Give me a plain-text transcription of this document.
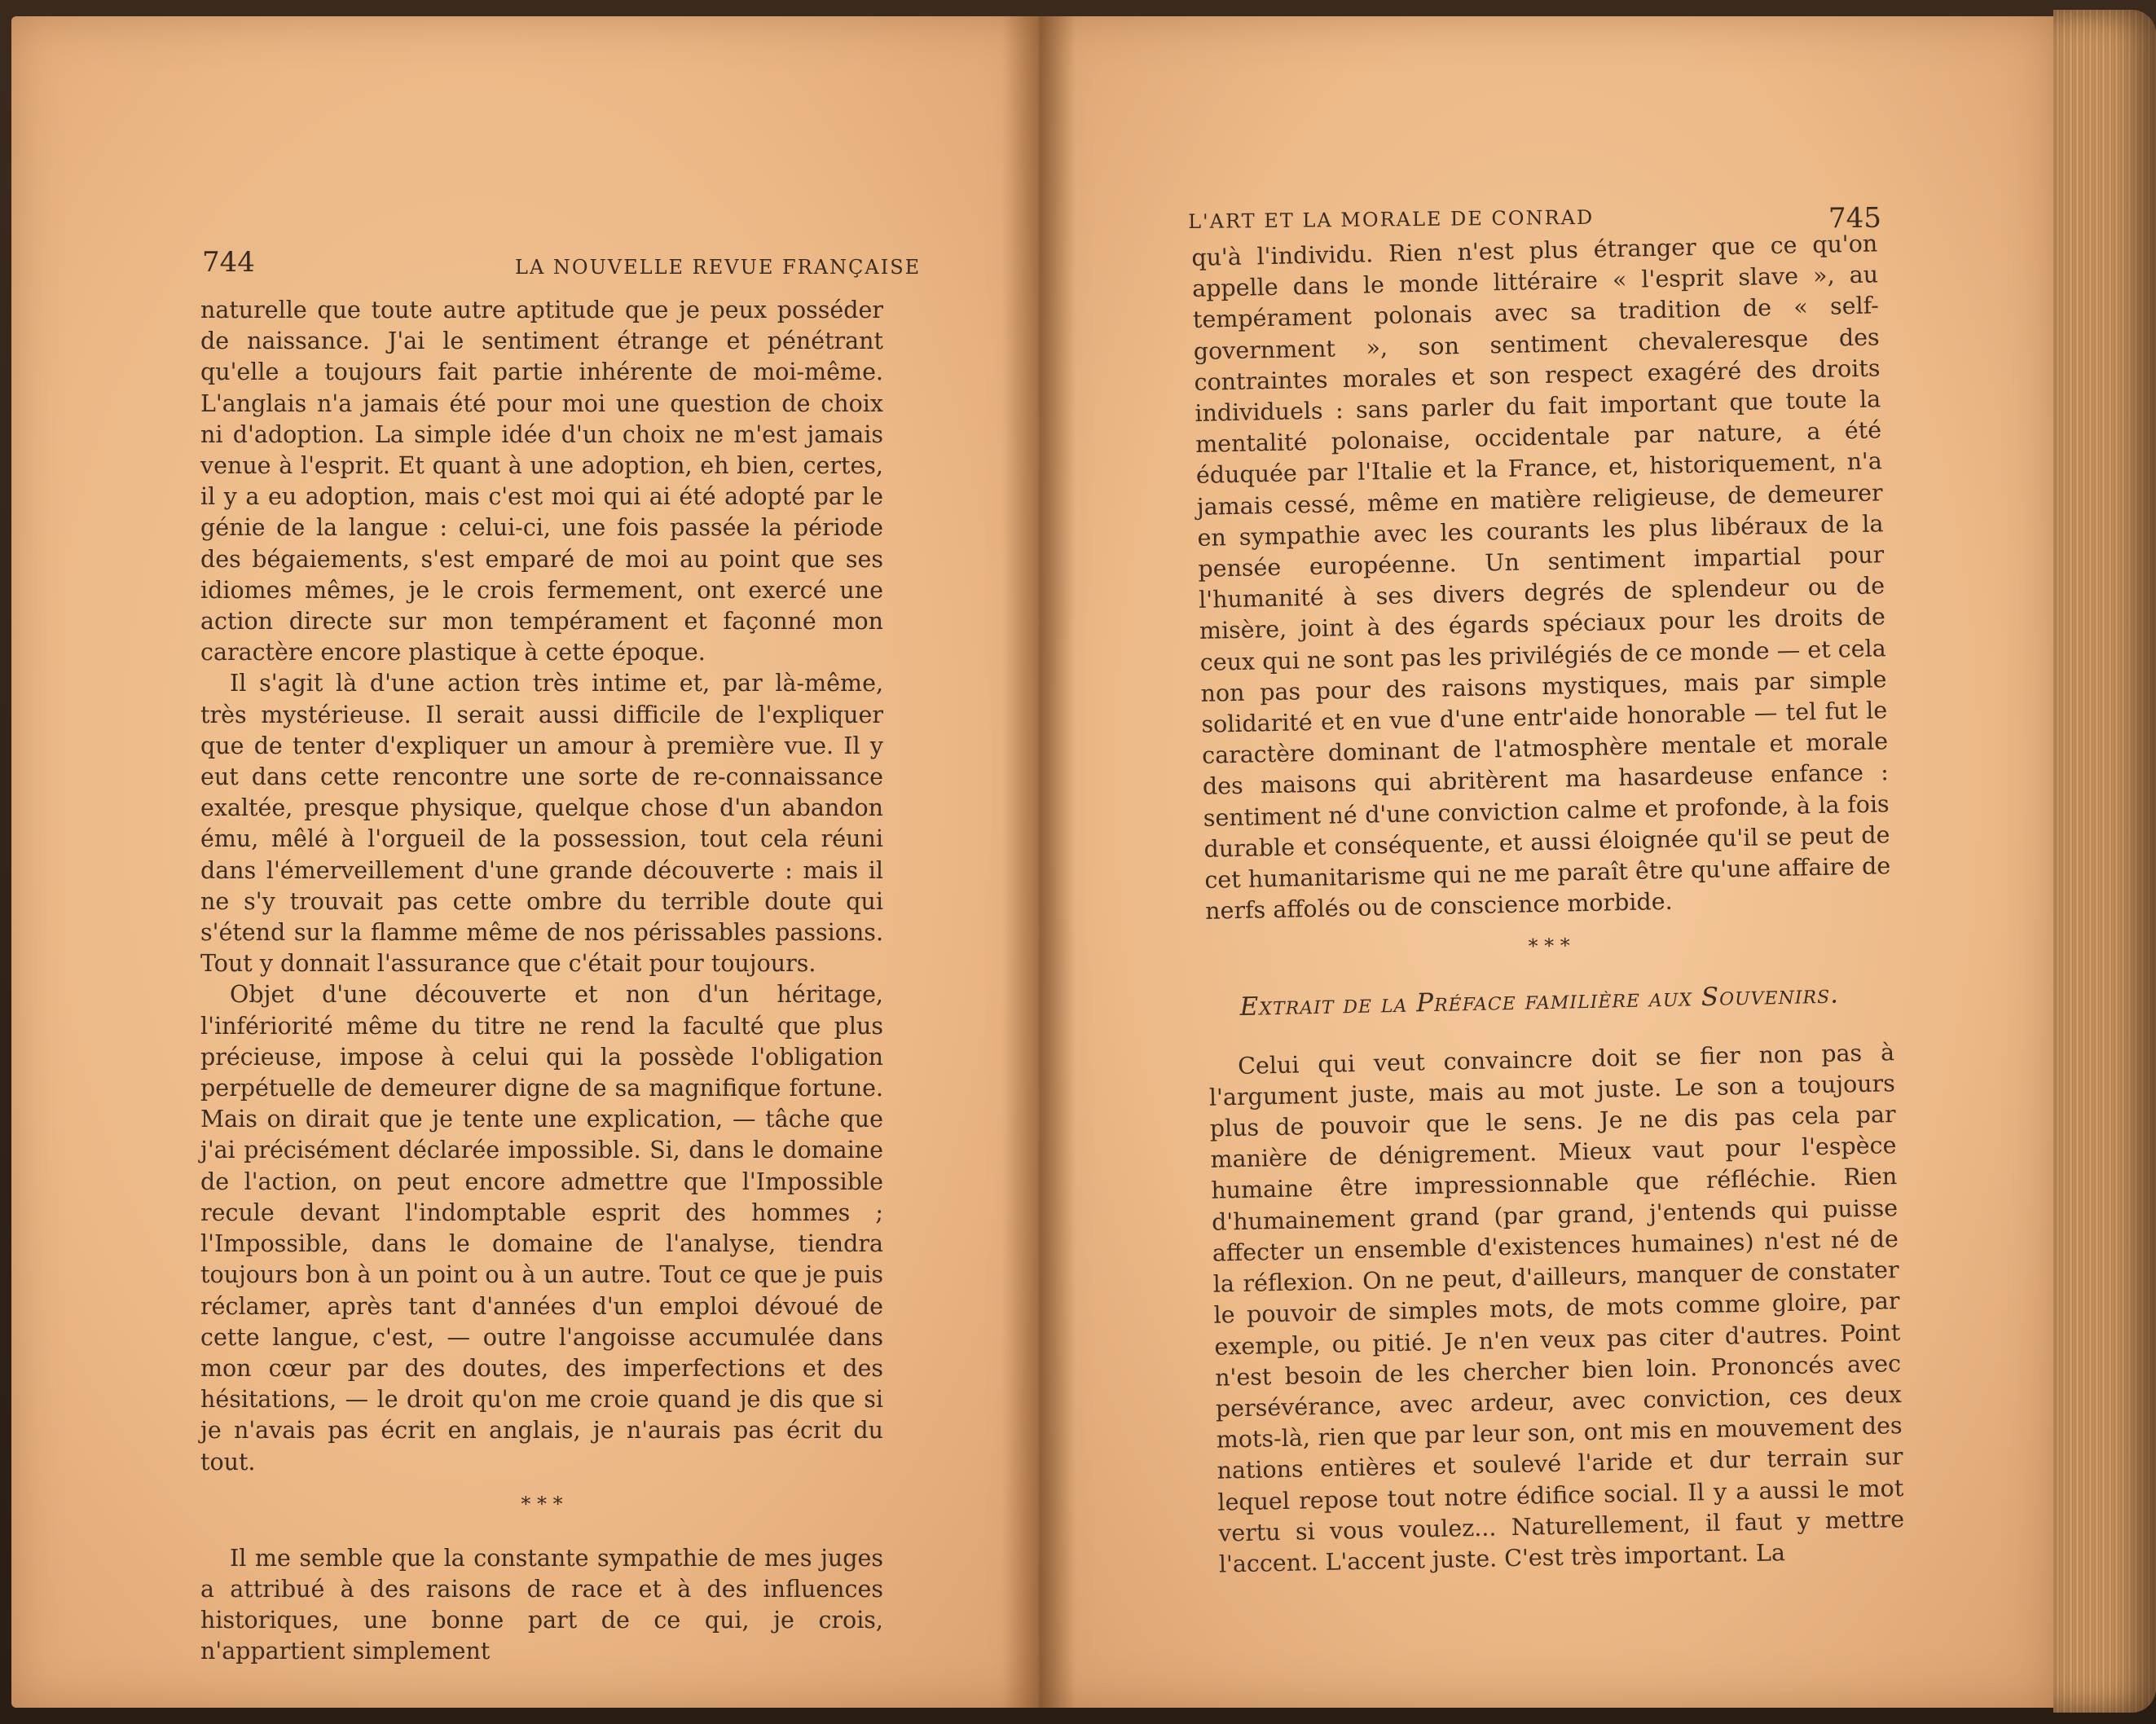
744	LA NOUVELLE REVUE FRANÇAISE

naturelle que toute autre aptitude que je peux posséder de naissance. J'ai le sentiment étrange et pénétrant qu'elle a toujours fait partie inhérente de moi-même. L'anglais n'a jamais été pour moi une question de choix ni d'adoption. La simple idée d'un choix ne m'est jamais venue à l'esprit. Et quant à une adoption, eh bien, certes, il y a eu adoption, mais c'est moi qui ai été adopté par le génie de la langue : celui-ci, une fois passée la période des bégaiements, s'est emparé de moi au point que ses idiomes mêmes, je le crois fermement, ont exercé une action directe sur mon tempérament et façonné mon caractère encore plastique à cette époque.

Il s'agit là d'une action très intime et, par là-même, très mystérieuse. Il serait aussi difficile de l'expliquer que de tenter d'expliquer un amour à première vue. Il y eut dans cette rencontre une sorte de re-connaissance exaltée, presque physique, quelque chose d'un abandon ému, mêlé à l'orgueil de la possession, tout cela réuni dans l'émerveillement d'une grande découverte : mais il ne s'y trouvait pas cette ombre du terrible doute qui s'étend sur la flamme même de nos périssables passions. Tout y donnait l'assurance que c'était pour toujours.

Objet d'une découverte et non d'un héritage, l'infériorité même du titre ne rend la faculté que plus précieuse, impose à celui qui la possède l'obligation perpétuelle de demeurer digne de sa magnifique fortune. Mais on dirait que je tente une explication, — tâche que j'ai précisément déclarée impossible. Si, dans le domaine de l'action, on peut encore admettre que l'Impossible recule devant l'indomptable esprit des hommes ; l'Impossible, dans le domaine de l'analyse, tiendra toujours bon à un point ou à un autre. Tout ce que je puis réclamer, après tant d'années d'un emploi dévoué de cette langue, c'est, — outre l'angoisse accumulée dans mon cœur par des doutes, des imperfections et des hésitations, — le droit qu'on me croie quand je dis que si je n'avais pas écrit en anglais, je n'aurais pas écrit du tout.

* * *

Il me semble que la constante sympathie de mes juges a attribué à des raisons de race et à des influences historiques, une bonne part de ce qui, je crois, n'appartient simplement

L'ART ET LA MORALE DE CONRAD	745

qu'à l'individu. Rien n'est plus étranger que ce qu'on appelle dans le monde littéraire « l'esprit slave », au tempérament polonais avec sa tradition de « self-government », son sentiment chevaleresque des contraintes morales et son respect exagéré des droits individuels : sans parler du fait important que toute la mentalité polonaise, occidentale par nature, a été éduquée par l'Italie et la France, et, historiquement, n'a jamais cessé, même en matière religieuse, de demeurer en sympathie avec les courants les plus libéraux de la pensée européenne. Un sentiment impartial pour l'humanité à ses divers degrés de splendeur ou de misère, joint à des égards spéciaux pour les droits de ceux qui ne sont pas les privilégiés de ce monde — et cela non pas pour des raisons mystiques, mais par simple solidarité et en vue d'une entr'aide honorable — tel fut le caractère dominant de l'atmosphère mentale et morale des maisons qui abritèrent ma hasardeuse enfance : sentiment né d'une conviction calme et profonde, à la fois durable et conséquente, et aussi éloignée qu'il se peut de cet humanitarisme qui ne me paraît être qu'une affaire de nerfs affolés ou de conscience morbide.

* * *
Extrait de la Préface familière aux Souvenirs.

Celui qui veut convaincre doit se fier non pas à l'argument juste, mais au mot juste. Le son a toujours plus de pouvoir que le sens. Je ne dis pas cela par manière de dénigrement. Mieux vaut pour l'espèce humaine être impressionnable que réfléchie. Rien d'humainement grand (par grand, j'entends qui puisse affecter un ensemble d'existences humaines) n'est né de la réflexion. On ne peut, d'ailleurs, manquer de constater le pouvoir de simples mots, de mots comme gloire, par exemple, ou pitié. Je n'en veux pas citer d'autres. Point n'est besoin de les chercher bien loin. Prononcés avec persévérance, avec ardeur, avec conviction, ces deux mots-là, rien que par leur son, ont mis en mouvement des nations entières et soulevé l'aride et dur terrain sur lequel repose tout notre édifice social. Il y a aussi le mot vertu si vous voulez... Naturellement, il faut y mettre l'accent. L'accent juste. C'est très important. La
